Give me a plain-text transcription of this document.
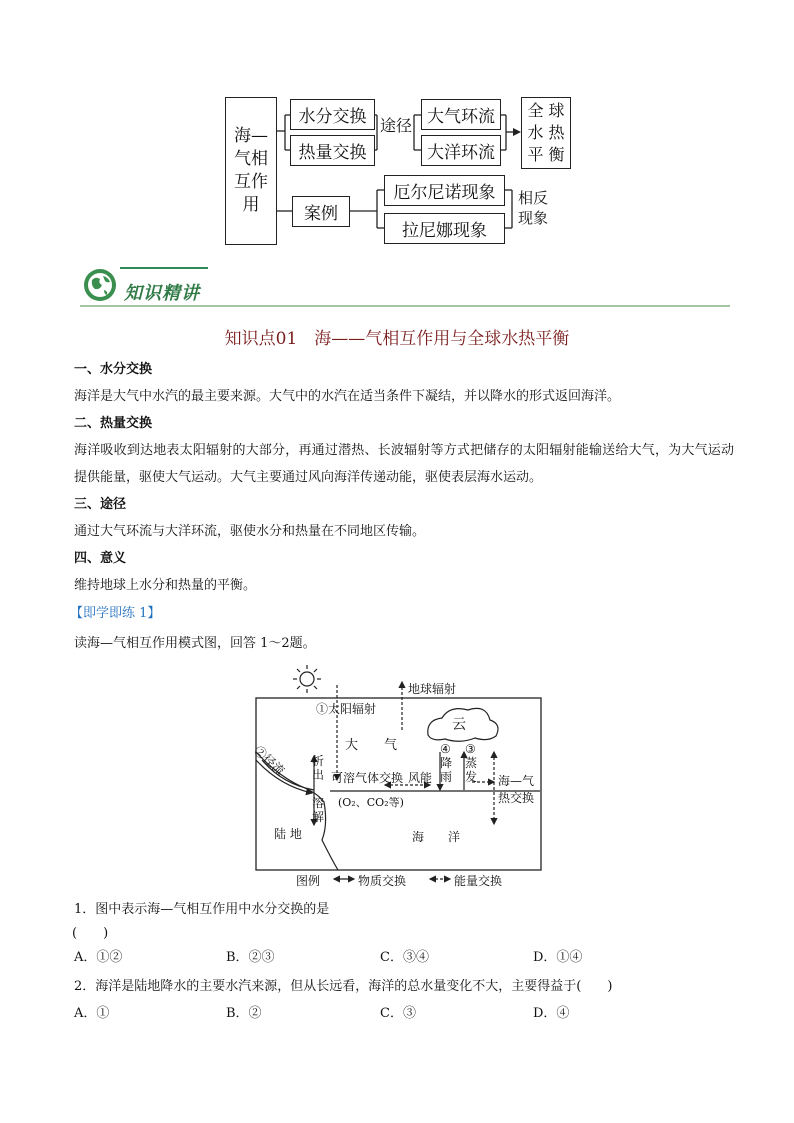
海—
气相
互作
用
水分交换
热量交换
途径 大气环流
大洋环流
全 球
水 热
平 衡
案例
厄尔尼诺现象
拉尼娜现象
相反
现象
知识精讲
知识点01　海——气相互作用与全球水热平衡
一、水分交换
海洋是大气中水汽的最主要来源。大气中的水汽在适当条件下凝结，并以降水的形式返回海洋。
二、热量交换
海洋吸收到达地表太阳辐射的大部分，再通过潜热、长波辐射等方式把储存的太阳辐射能输送给大气，为大气运动提供能量，驱使大气运动。大气主要通过风向海洋传递动能，驱使表层海水运动。
三、途径
通过大气环流与大洋环流，驱使水分和热量在不同地区传输。
四、意义
维持地球上水分和热量的平衡。
【即学即练 1】
读海—气相互作用模式图，回答 1～2题。
①太阳辐射
地球辐射
云
大　　气
②径流 析
出
溶
解
可溶气体交换
(O₂、CO₂等)
风能
④
降
雨
③
蒸
发 海—气
热交换
陆 地	海　　洋
图例	物质交换	能量交换
1．图中表示海—气相互作用中水分交换的是
(　　)
A．①②	B．②③	C．③④	D．①④
2．海洋是陆地降水的主要水汽来源，但从长远看，海洋的总水量变化不大，主要得益于(　　)
A．①	B．②	C．③	D．④
